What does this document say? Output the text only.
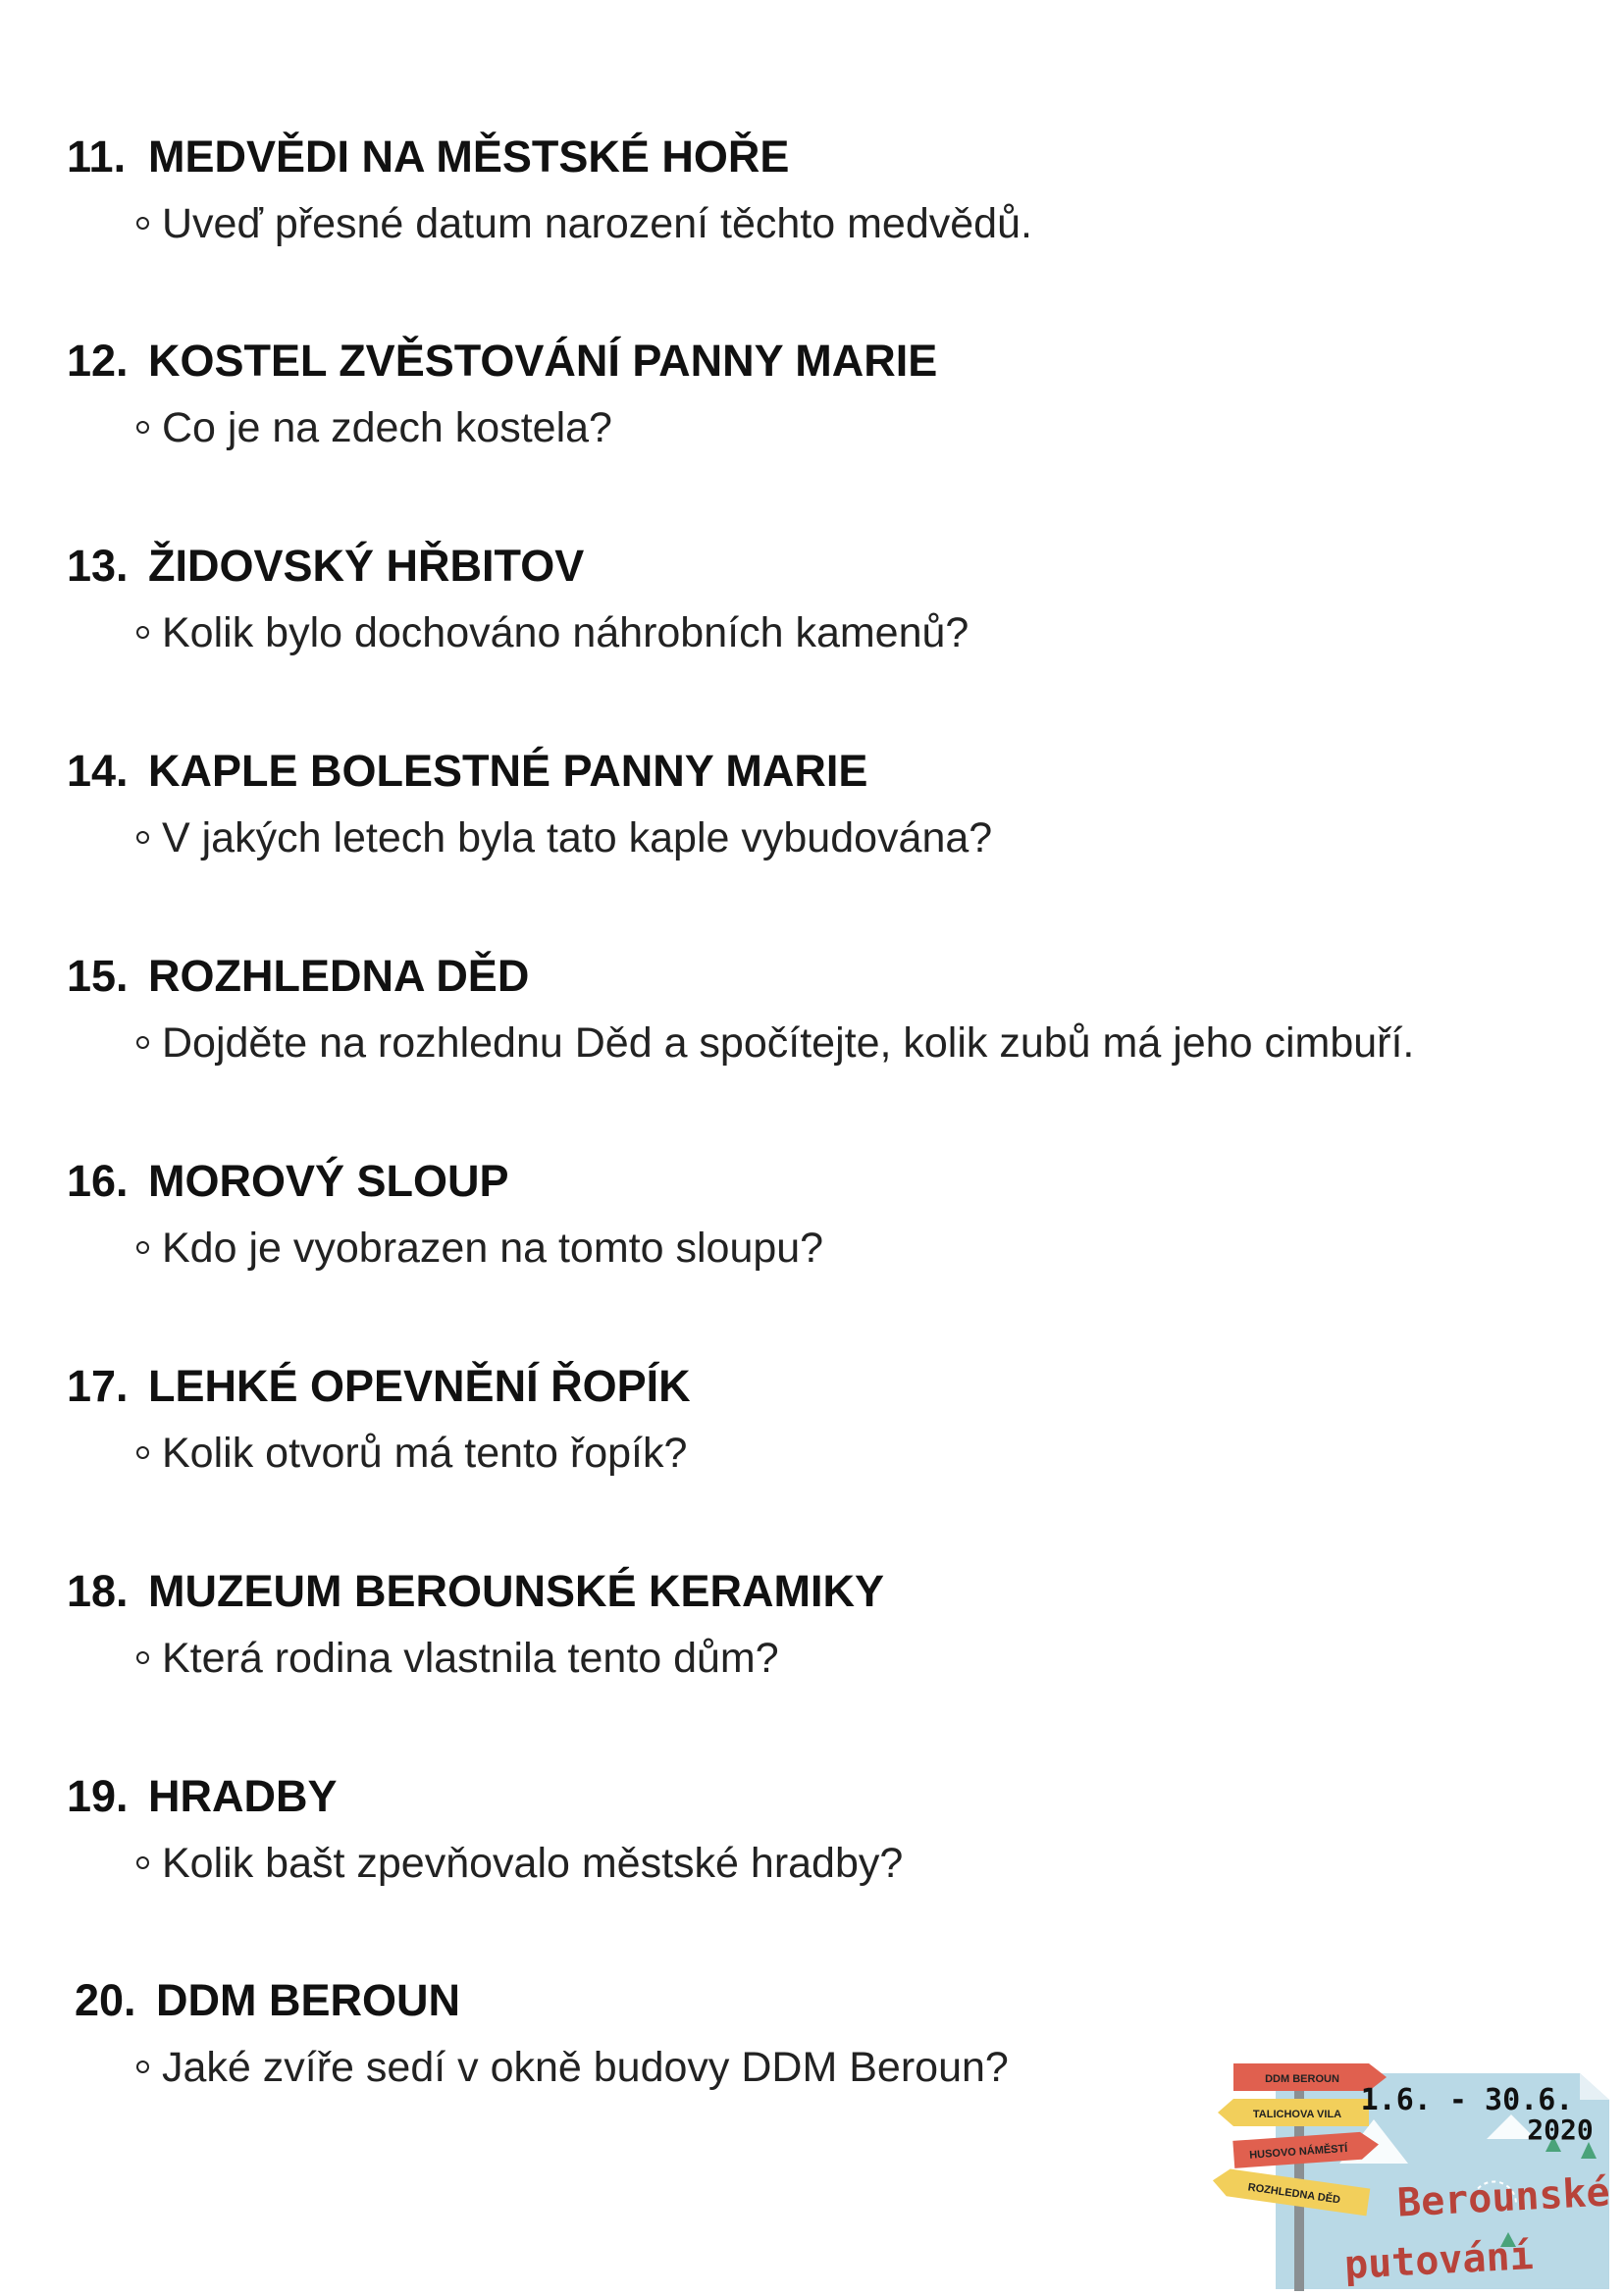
11. MEDVĚDI NA MĚSTSKÉ HOŘE
Uveď přesné datum narození těchto medvědů.
12. KOSTEL ZVĚSTOVÁNÍ PANNY MARIE
Co je na zdech kostela?
13. ŽIDOVSKÝ HŘBITOV
Kolik bylo dochováno náhrobních kamenů?
14. KAPLE BOLESTNÉ PANNY MARIE
V jakých letech byla tato kaple vybudována?
15. ROZHLEDNA DĚD
Dojděte na rozhlednu Děd a spočítejte, kolik zubů má jeho cimbuří.
16. MOROVÝ SLOUP
Kdo je vyobrazen na tomto sloupu?
17. LEHKÉ OPEVNĚNÍ ŘOPÍK
Kolik otvorů má tento řopík?
18. MUZEUM BEROUNSKÉ KERAMIKY
Která rodina vlastnila tento dům?
19. HRADBY
Kolik bašt zpevňovalo městské hradby?
20. DDM BEROUN
Jaké zvíře sedí v okně budovy DDM Beroun?	DDM BEROUN
TALICHOVA VILA
HUSOVO NÁMĚSTÍ
ROZHLEDNA DĚD
1.6. - 30.6.
2020
Berounské
putování
